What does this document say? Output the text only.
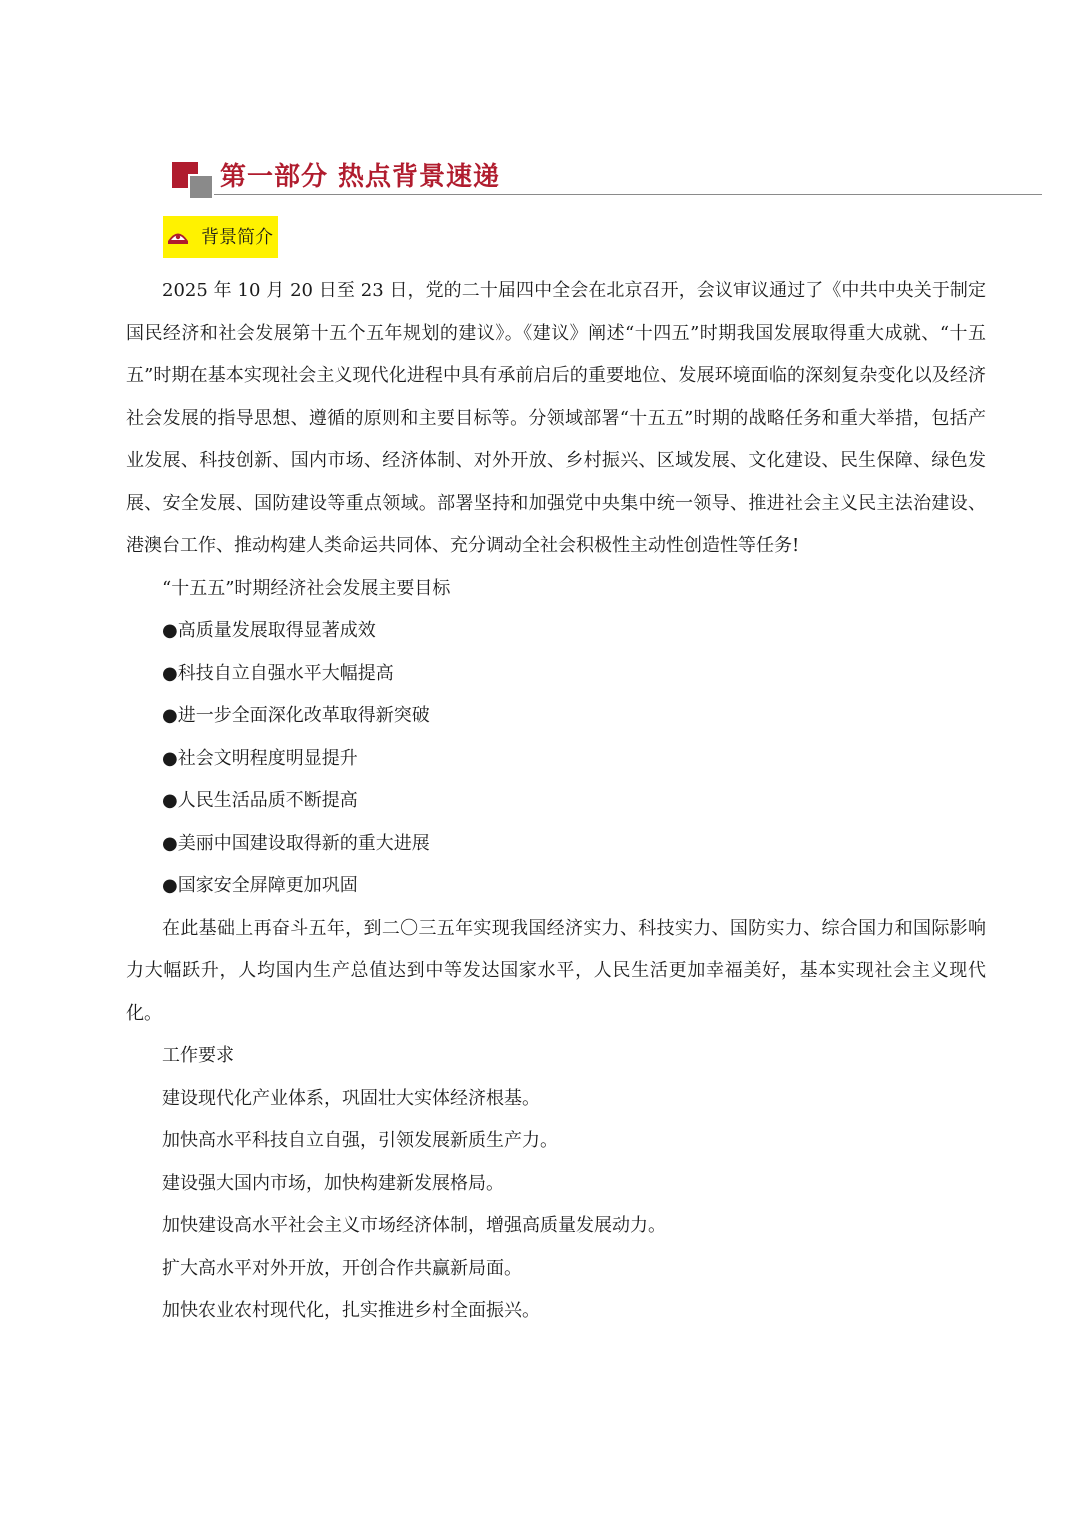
第一部分 热点背景速递
背景简介

2025 年 10 月 20 日至 23 日，党的二十届四中全会在北京召开，会议审议通过了《中共中央关于制定国民经济和社会发展第十五个五年规划的建议》。《建议》阐述“十四五”时期我国发展取得重大成就、“十五五”时期在基本实现社会主义现代化进程中具有承前启后的重要地位、发展环境面临的深刻复杂变化以及经济社会发展的指导思想、遵循的原则和主要目标等。分领域部署“十五五”时期的战略任务和重大举措，包括产业发展、科技创新、国内市场、经济体制、对外开放、乡村振兴、区域发展、文化建设、民生保障、绿色发展、安全发展、国防建设等重点领域。部署坚持和加强党中央集中统一领导、推进社会主义民主法治建设、港澳台工作、推动构建人类命运共同体、充分调动全社会积极性主动性创造性等任务!

“十五五”时期经济社会发展主要目标

●高质量发展取得显著成效

●科技自立自强水平大幅提高

●进一步全面深化改革取得新突破

●社会文明程度明显提升

●人民生活品质不断提高

●美丽中国建设取得新的重大进展

●国家安全屏障更加巩固

在此基础上再奋斗五年，到二〇三五年实现我国经济实力、科技实力、国防实力、综合国力和国际影响力大幅跃升，人均国内生产总值达到中等发达国家水平，人民生活更加幸福美好，基本实现社会主义现代化。

工作要求

建设现代化产业体系，巩固壮大实体经济根基。

加快高水平科技自立自强，引领发展新质生产力。

建设强大国内市场，加快构建新发展格局。

加快建设高水平社会主义市场经济体制，增强高质量发展动力。

扩大高水平对外开放，开创合作共赢新局面。

加快农业农村现代化，扎实推进乡村全面振兴。
